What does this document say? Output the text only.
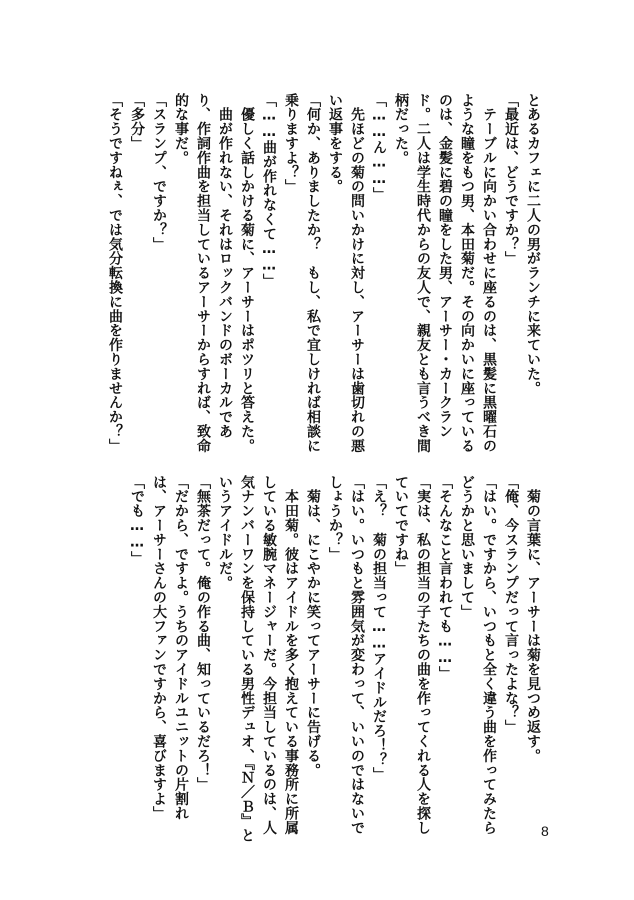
とあるカフェに二人の男がランチに来ていた。
「最近は、どうですか？」
　テーブルに向かい合わせに座るのは、黒髪に黒曜石の
ような瞳をもつ男、本田菊だ。その向かいに座っている
のは、金髪に碧の瞳をした男、アーサー・カークラン
ド。二人は学生時代からの友人で、親友とも言うべき間
柄だった。
「……ん……」
　先ほどの菊の問いかけに対し、アーサーは歯切れの悪
い返事をする。
「何か、ありましたか？　もし、私で宜しければ相談に
乗りますよ？」
「……曲が作れなくて……」
　優しく話しかける菊に、アーサーはポツリと答えた。
　曲が作れない、それはロックバンドのボーカルであ
り、作詞作曲を担当しているアーサーからすれば、致命
的な事だ。
「スランプ、ですか？」
「多分」
「そうですねぇ、では気分転換に曲を作りませんか？」
　菊の言葉に、アーサーは菊を見つめ返す。
「俺、今スランプだって言ったよな？」
「はい。ですから、いつもと全く違う曲を作ってみたら
どうかと思いまして」
「そんなこと言われても……」
「実は、私の担当の子たちの曲を作ってくれる人を探し
ていてですね」
「え？　菊の担当って……アイドルだろ！？」
「はい。いつもと雰囲気が変わって、いいのではないで
しょうか？」
　菊は、にこやかに笑ってアーサーに告げる。
　本田菊。彼はアイドルを多く抱えている事務所に所属
している敏腕マネージャーだ。今担当しているのは、人
気ナンバーワンを保持している男性デュオ、『Ｎ／Ｂ』と
いうアイドルだ。
「無茶だって。俺の作る曲、知っているだろ！」
「だから、ですよ。うちのアイドルユニットの片割れ
は、アーサーさんの大ファンですから、喜びますよ」
「でも……」
8
